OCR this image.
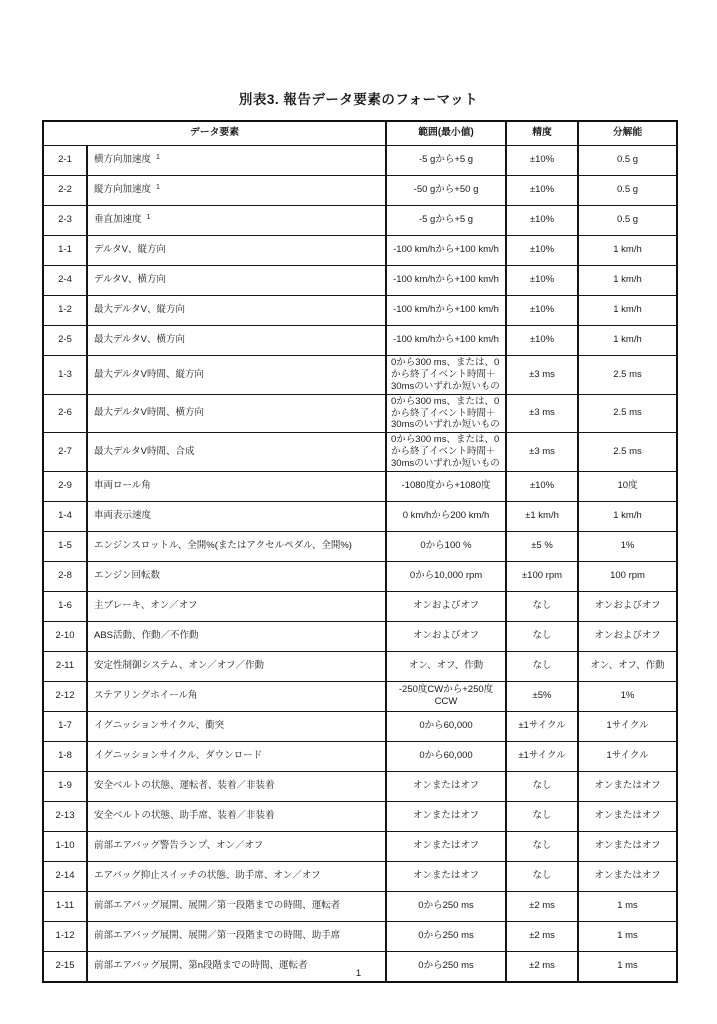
別表3. 報告データ要素のフォーマット
データ要素		範囲(最小値)	精度	分解能
2-1	横方向加速度 $^1$	-5 gから+5 g	±10%	0.5 g
2-2	縦方向加速度 $^1$	-50 gから+50 g	±10%	0.5 g
2-3	垂直加速度 $^1$	-5 gから+5 g	±10%	0.5 g
1-1	デルタV、縦方向	-100 km/hから+100 km/h	±10%	1 km/h
2-4	デルタV、横方向	-100 km/hから+100 km/h	±10%	1 km/h
1-2	最大デルタV、縦方向	-100 km/hから+100 km/h	±10%	1 km/h
2-5	最大デルタV、横方向	-100 km/hから+100 km/h	±10%	1 km/h
1-3	最大デルタV時間、縦方向	0から300 ms、または、0から終了イベント時間＋30msのいずれか短いもの	±3 ms	2.5 ms
2-6	最大デルタV時間、横方向	0から300 ms、または、0から終了イベント時間＋30msのいずれか短いもの	±3 ms	2.5 ms
2-7	最大デルタV時間、合成	0から300 ms、または、0から終了イベント時間＋30msのいずれか短いもの	±3 ms	2.5 ms
2-9	車両ロール角	-1080度から+1080度	±10%	10度
1-4	車両表示速度	0 km/hから200 km/h	±1 km/h	1 km/h
1-5	エンジンスロットル、全開%(またはアクセルペダル、全開%)	0から100 %	±5 %	1%
2-8	エンジン回転数	0から10,000 rpm	±100 rpm	100 rpm
1-6	主ブレーキ、オン／オフ	オンおよびオフ	なし	オンおよびオフ
2-10	ABS活動、作動／不作動	オンおよびオフ	なし	オンおよびオフ
2-11	安定性制御システム、オン／オフ／作動	オン、オフ、作動	なし	オン、オフ、作動
2-12	ステアリングホイール角	-250度CWから+250度CCW	±5%	1%
1-7	イグニッションサイクル、衝突	0から60,000	±1サイクル	1サイクル
1-8	イグニッションサイクル、ダウンロード	0から60,000	±1サイクル	1サイクル
1-9	安全ベルトの状態、運転者、装着／非装着	オンまたはオフ	なし	オンまたはオフ
2-13	安全ベルトの状態、助手席、装着／非装着	オンまたはオフ	なし	オンまたはオフ
1-10	前部エアバッグ警告ランプ、オン／オフ	オンまたはオフ	なし	オンまたはオフ
2-14	エアバッグ抑止スイッチの状態、助手席、オン／オフ	オンまたはオフ	なし	オンまたはオフ
1-11	前部エアバッグ展開、展開／第一段階までの時間、運転者	0から250 ms	±2 ms	1 ms
1-12	前部エアバッグ展開、展開／第一段階までの時間、助手席	0から250 ms	±2 ms	1 ms
2-15	前部エアバッグ展開、第n段階までの時間、運転者	0から250 ms	±2 ms	1 ms
1
